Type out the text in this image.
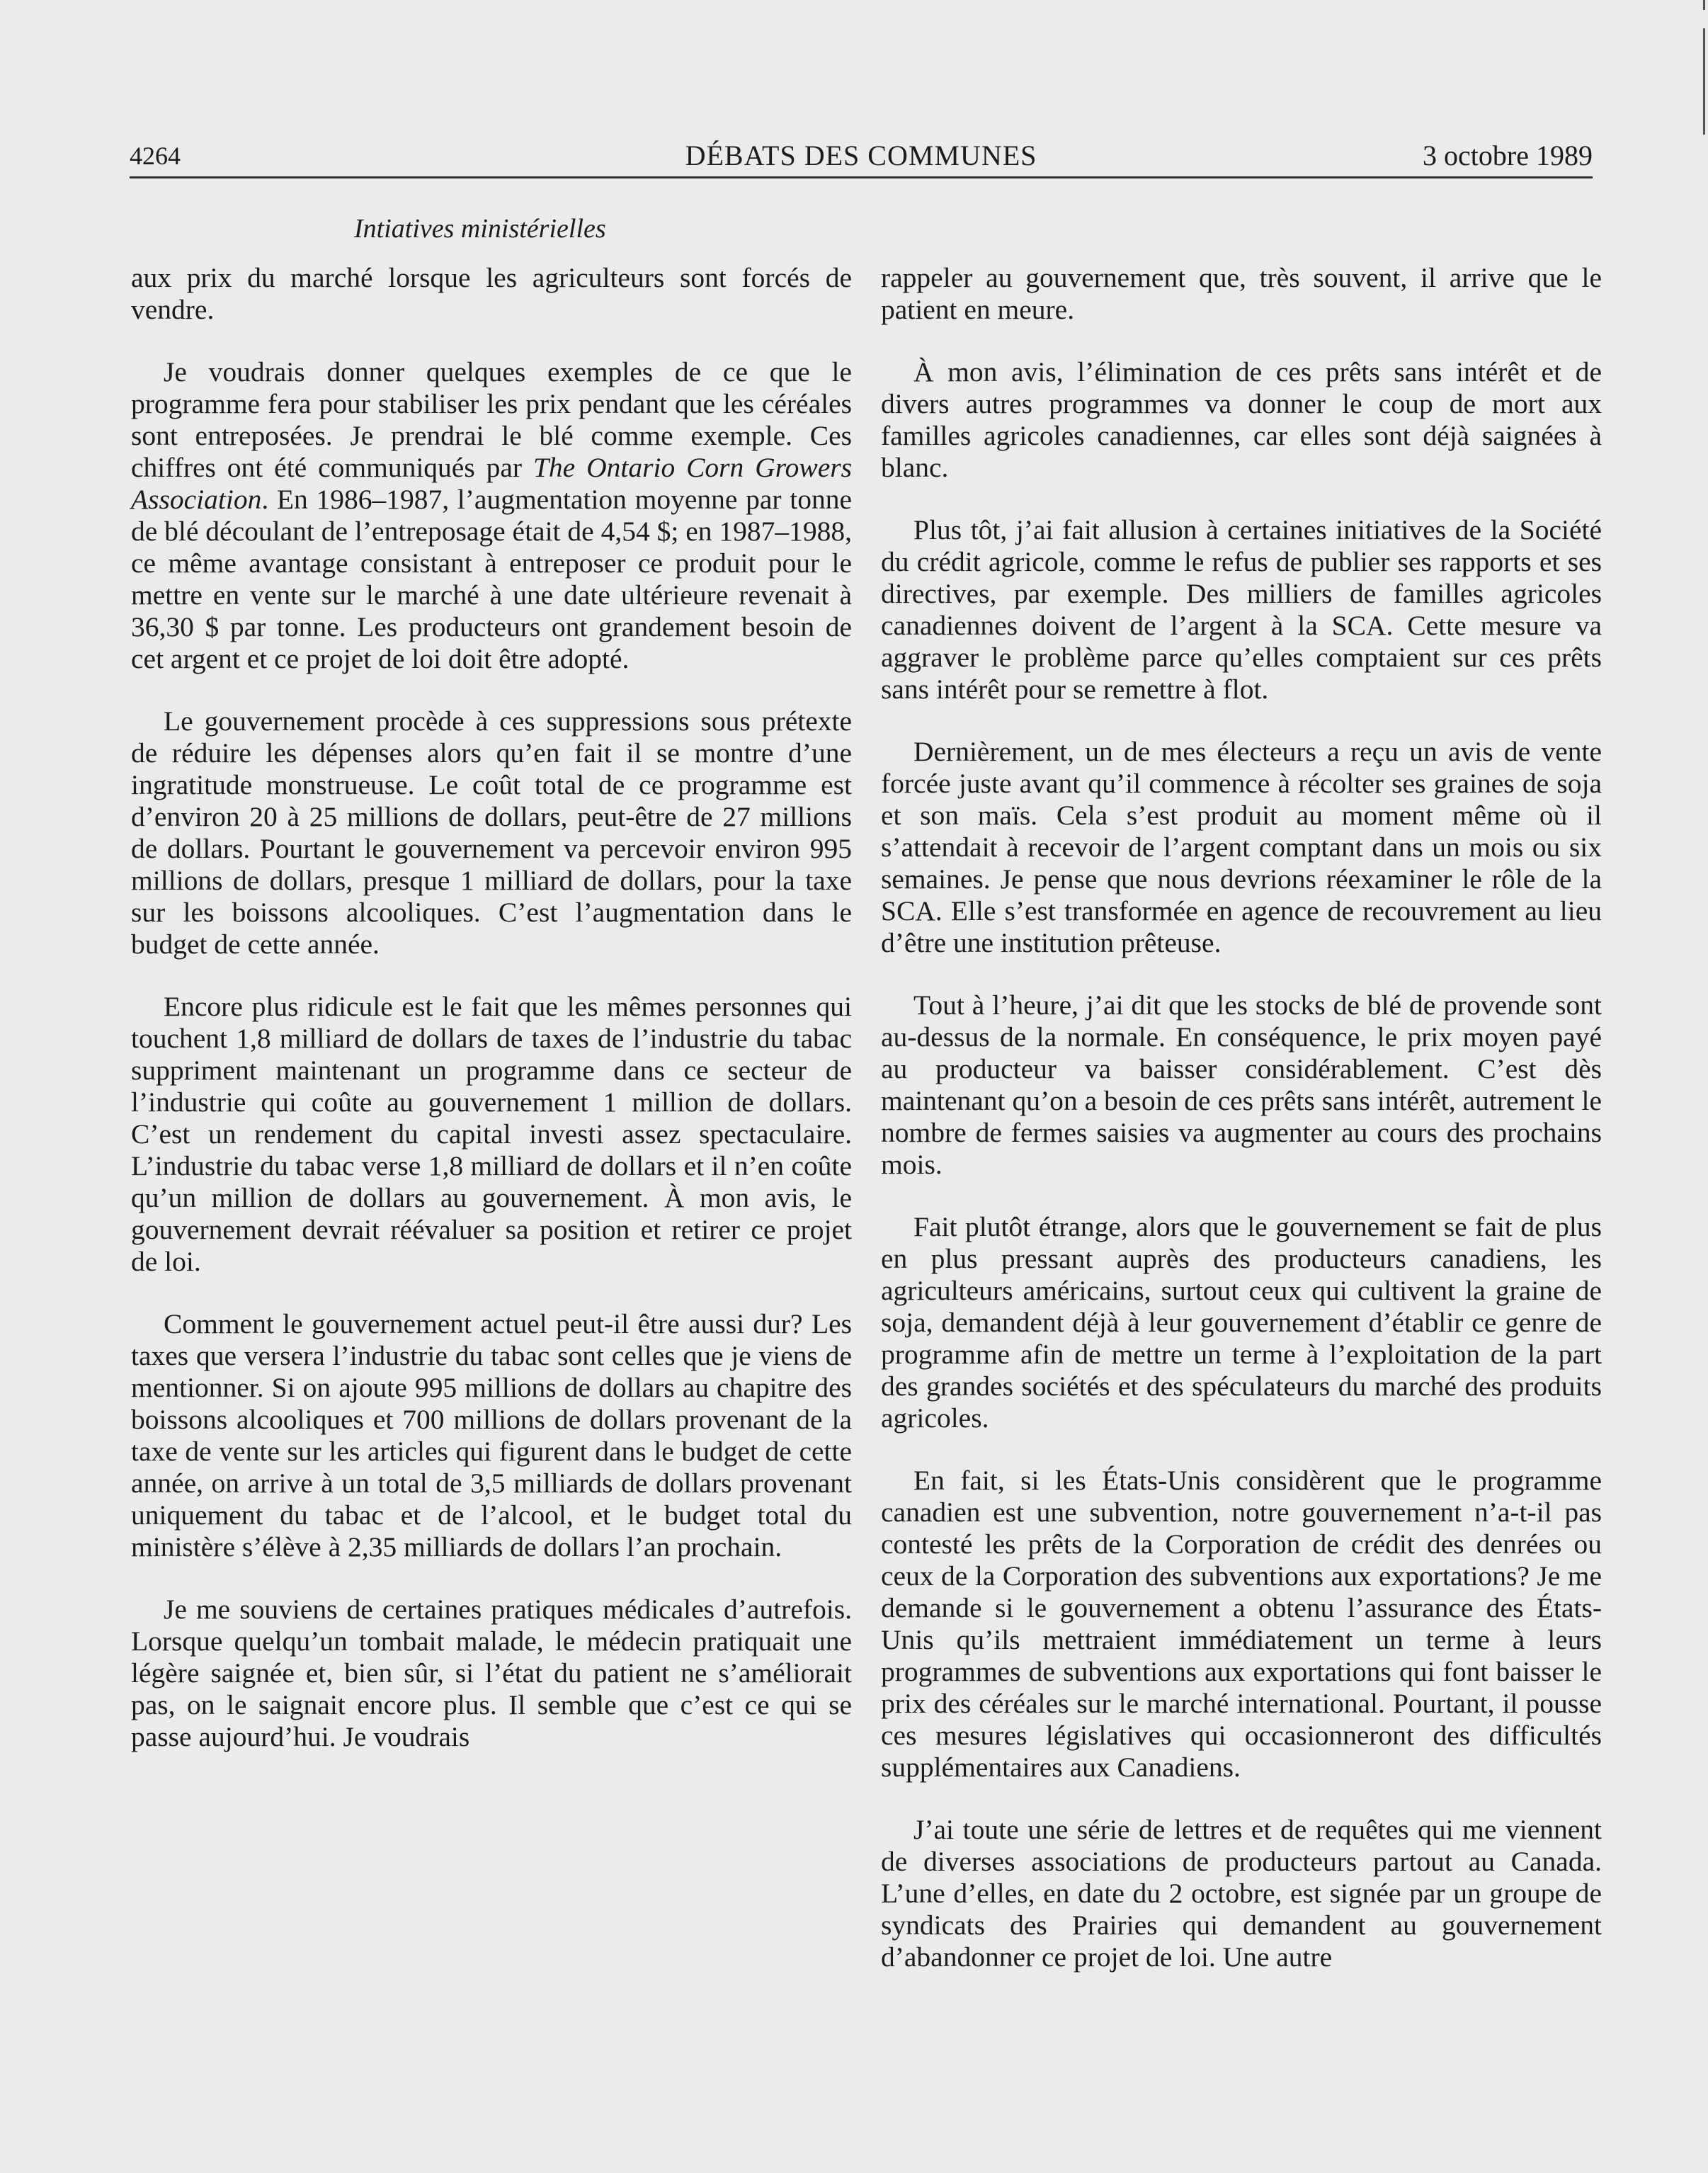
4264	DÉBATS DES COMMUNES	3 octobre 1989
Intiatives ministérielles

aux prix du marché lorsque les agriculteurs sont forcés de vendre.

Je voudrais donner quelques exemples de ce que le programme fera pour stabiliser les prix pendant que les céréales sont entreposées. Je prendrai le blé comme exemple. Ces chiffres ont été communiqués par The Ontario Corn Growers Association. En 1986–1987, l’augmentation moyenne par tonne de blé découlant de l’entreposage était de 4,54 $; en 1987–1988, ce même avantage consistant à entreposer ce produit pour le mettre en vente sur le marché à une date ultérieure revenait à 36,30 $ par tonne. Les producteurs ont grandement besoin de cet argent et ce projet de loi doit être adopté.

Le gouvernement procède à ces suppressions sous prétexte de réduire les dépenses alors qu’en fait il se montre d’une ingratitude monstrueuse. Le coût total de ce programme est d’environ 20 à 25 millions de dollars, peut-être de 27 millions de dollars. Pourtant le gouvernement va percevoir environ 995 millions de dollars, presque 1 milliard de dollars, pour la taxe sur les boissons alcooliques. C’est l’augmentation dans le budget de cette année.

Encore plus ridicule est le fait que les mêmes personnes qui touchent 1,8 milliard de dollars de taxes de l’industrie du tabac suppriment maintenant un programme dans ce secteur de l’industrie qui coûte au gouvernement 1 million de dollars. C’est un rendement du capital investi assez spectaculaire. L’industrie du tabac verse 1,8 milliard de dollars et il n’en coûte qu’un million de dollars au gouvernement. À mon avis, le gouvernement devrait réévaluer sa position et retirer ce projet de loi.

Comment le gouvernement actuel peut-il être aussi dur? Les taxes que versera l’industrie du tabac sont celles que je viens de mentionner. Si on ajoute 995 millions de dollars au chapitre des boissons alcooliques et 700 millions de dollars provenant de la taxe de vente sur les articles qui figurent dans le budget de cette année, on arrive à un total de 3,5 milliards de dollars provenant uniquement du tabac et de l’alcool, et le budget total du ministère s’élève à 2,35 milliards de dollars l’an prochain.

Je me souviens de certaines pratiques médicales d’autrefois. Lorsque quelqu’un tombait malade, le médecin pratiquait une légère saignée et, bien sûr, si l’état du patient ne s’améliorait pas, on le saignait encore plus. Il semble que c’est ce qui se passe aujourd’hui. Je voudrais

rappeler au gouvernement que, très souvent, il arrive que le patient en meure.

À mon avis, l’élimination de ces prêts sans intérêt et de divers autres programmes va donner le coup de mort aux familles agricoles canadiennes, car elles sont déjà saignées à blanc.

Plus tôt, j’ai fait allusion à certaines initiatives de la Société du crédit agricole, comme le refus de publier ses rapports et ses directives, par exemple. Des milliers de familles agricoles canadiennes doivent de l’argent à la SCA. Cette mesure va aggraver le problème parce qu’elles comptaient sur ces prêts sans intérêt pour se remettre à flot.

Dernièrement, un de mes électeurs a reçu un avis de vente forcée juste avant qu’il commence à récolter ses graines de soja et son maïs. Cela s’est produit au moment même où il s’attendait à recevoir de l’argent comptant dans un mois ou six semaines. Je pense que nous devrions réexaminer le rôle de la SCA. Elle s’est transformée en agence de recouvrement au lieu d’être une institution prêteuse.

Tout à l’heure, j’ai dit que les stocks de blé de provende sont au-dessus de la normale. En conséquence, le prix moyen payé au producteur va baisser considérablement. C’est dès maintenant qu’on a besoin de ces prêts sans intérêt, autrement le nombre de fermes saisies va augmenter au cours des prochains mois.

Fait plutôt étrange, alors que le gouvernement se fait de plus en plus pressant auprès des producteurs canadiens, les agriculteurs américains, surtout ceux qui cultivent la graine de soja, demandent déjà à leur gouvernement d’établir ce genre de programme afin de mettre un terme à l’exploitation de la part des grandes sociétés et des spéculateurs du marché des produits agricoles.

En fait, si les États-Unis considèrent que le programme canadien est une subvention, notre gouvernement n’a-t-il pas contesté les prêts de la Corporation de crédit des denrées ou ceux de la Corporation des subventions aux exportations? Je me demande si le gouvernement a obtenu l’assurance des États-Unis qu’ils mettraient immédiatement un terme à leurs programmes de subventions aux exportations qui font baisser le prix des céréales sur le marché international. Pourtant, il pousse ces mesures législatives qui occasionneront des difficultés supplémentaires aux Canadiens.

J’ai toute une série de lettres et de requêtes qui me viennent de diverses associations de producteurs partout au Canada. L’une d’elles, en date du 2 octobre, est signée par un groupe de syndicats des Prairies qui demandent au gouvernement d’abandonner ce projet de loi. Une autre
